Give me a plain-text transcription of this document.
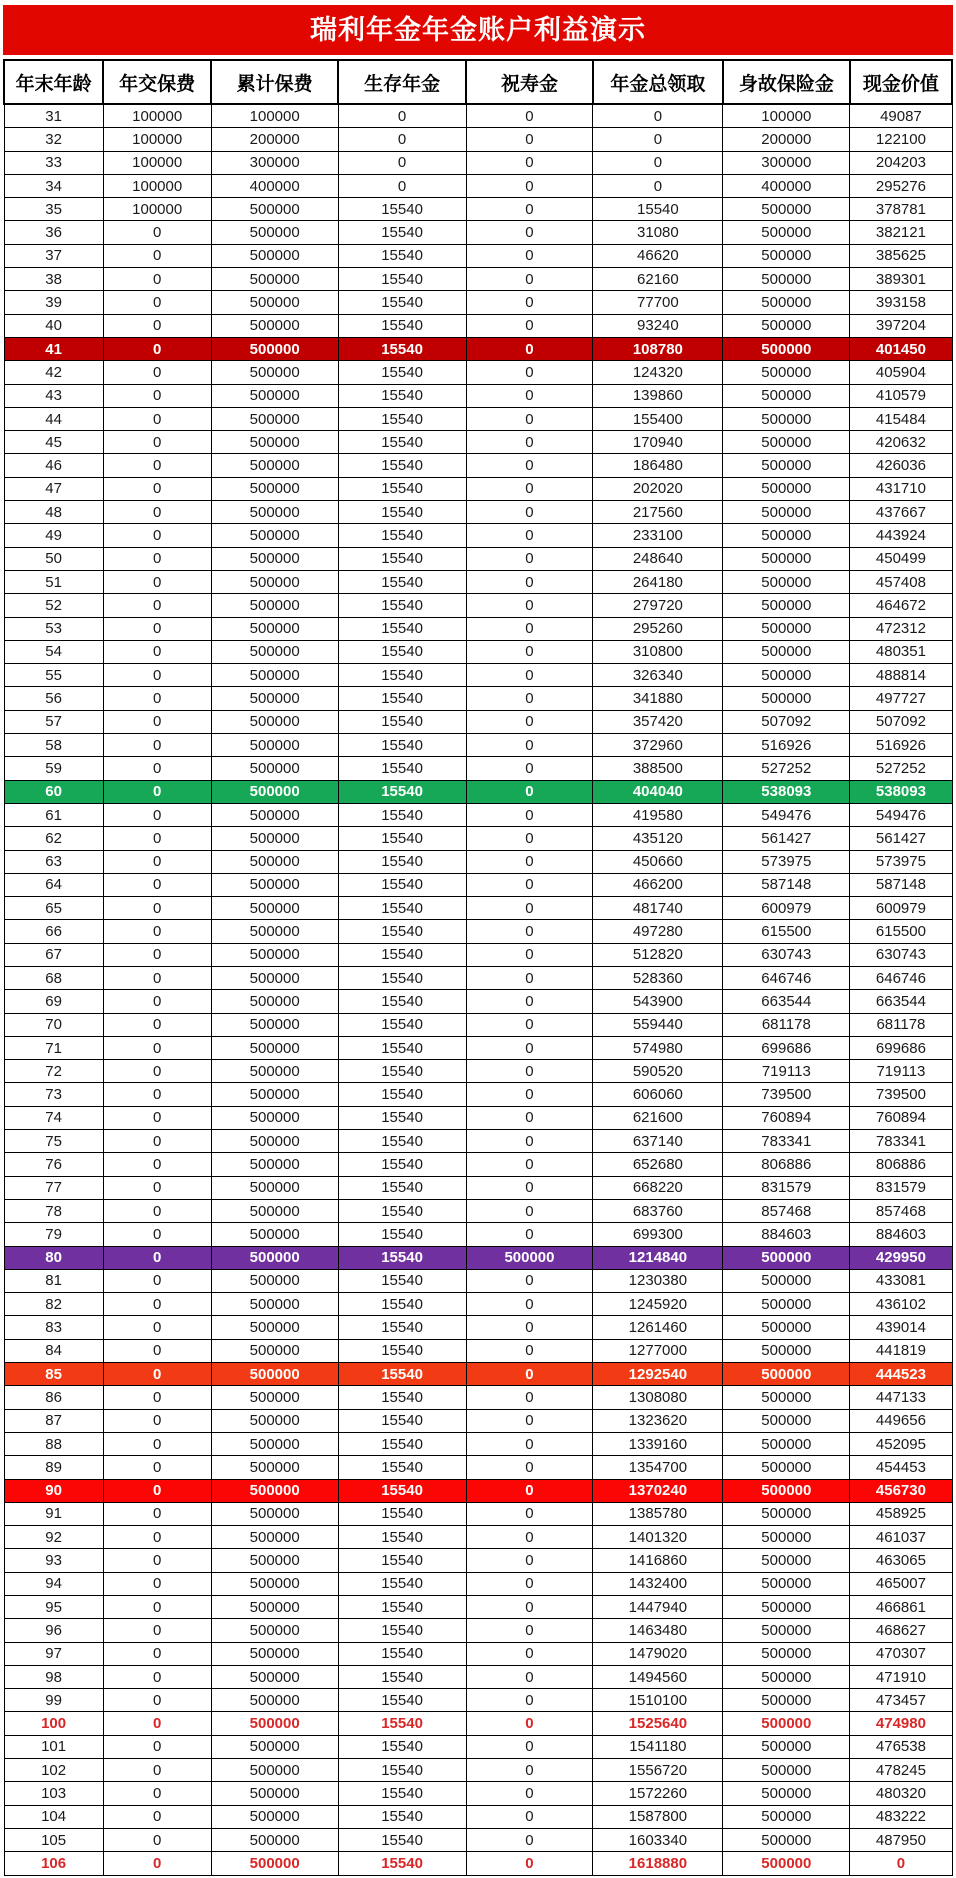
瑞利年金年金账户利益演示
年末年龄	年交保费	累计保费	生存年金	祝寿金	年金总领取	身故保险金	现金价值
31	100000	100000	0	0	0	100000	49087
32	100000	200000	0	0	0	200000	122100
33	100000	300000	0	0	0	300000	204203
34	100000	400000	0	0	0	400000	295276
35	100000	500000	15540	0	15540	500000	378781
36	0	500000	15540	0	31080	500000	382121
37	0	500000	15540	0	46620	500000	385625
38	0	500000	15540	0	62160	500000	389301
39	0	500000	15540	0	77700	500000	393158
40	0	500000	15540	0	93240	500000	397204
41	0	500000	15540	0	108780	500000	401450
42	0	500000	15540	0	124320	500000	405904
43	0	500000	15540	0	139860	500000	410579
44	0	500000	15540	0	155400	500000	415484
45	0	500000	15540	0	170940	500000	420632
46	0	500000	15540	0	186480	500000	426036
47	0	500000	15540	0	202020	500000	431710
48	0	500000	15540	0	217560	500000	437667
49	0	500000	15540	0	233100	500000	443924
50	0	500000	15540	0	248640	500000	450499
51	0	500000	15540	0	264180	500000	457408
52	0	500000	15540	0	279720	500000	464672
53	0	500000	15540	0	295260	500000	472312
54	0	500000	15540	0	310800	500000	480351
55	0	500000	15540	0	326340	500000	488814
56	0	500000	15540	0	341880	500000	497727
57	0	500000	15540	0	357420	507092	507092
58	0	500000	15540	0	372960	516926	516926
59	0	500000	15540	0	388500	527252	527252
60	0	500000	15540	0	404040	538093	538093
61	0	500000	15540	0	419580	549476	549476
62	0	500000	15540	0	435120	561427	561427
63	0	500000	15540	0	450660	573975	573975
64	0	500000	15540	0	466200	587148	587148
65	0	500000	15540	0	481740	600979	600979
66	0	500000	15540	0	497280	615500	615500
67	0	500000	15540	0	512820	630743	630743
68	0	500000	15540	0	528360	646746	646746
69	0	500000	15540	0	543900	663544	663544
70	0	500000	15540	0	559440	681178	681178
71	0	500000	15540	0	574980	699686	699686
72	0	500000	15540	0	590520	719113	719113
73	0	500000	15540	0	606060	739500	739500
74	0	500000	15540	0	621600	760894	760894
75	0	500000	15540	0	637140	783341	783341
76	0	500000	15540	0	652680	806886	806886
77	0	500000	15540	0	668220	831579	831579
78	0	500000	15540	0	683760	857468	857468
79	0	500000	15540	0	699300	884603	884603
80	0	500000	15540	500000	1214840	500000	429950
81	0	500000	15540	0	1230380	500000	433081
82	0	500000	15540	0	1245920	500000	436102
83	0	500000	15540	0	1261460	500000	439014
84	0	500000	15540	0	1277000	500000	441819
85	0	500000	15540	0	1292540	500000	444523
86	0	500000	15540	0	1308080	500000	447133
87	0	500000	15540	0	1323620	500000	449656
88	0	500000	15540	0	1339160	500000	452095
89	0	500000	15540	0	1354700	500000	454453
90	0	500000	15540	0	1370240	500000	456730
91	0	500000	15540	0	1385780	500000	458925
92	0	500000	15540	0	1401320	500000	461037
93	0	500000	15540	0	1416860	500000	463065
94	0	500000	15540	0	1432400	500000	465007
95	0	500000	15540	0	1447940	500000	466861
96	0	500000	15540	0	1463480	500000	468627
97	0	500000	15540	0	1479020	500000	470307
98	0	500000	15540	0	1494560	500000	471910
99	0	500000	15540	0	1510100	500000	473457
100	0	500000	15540	0	1525640	500000	474980
101	0	500000	15540	0	1541180	500000	476538
102	0	500000	15540	0	1556720	500000	478245
103	0	500000	15540	0	1572260	500000	480320
104	0	500000	15540	0	1587800	500000	483222
105	0	500000	15540	0	1603340	500000	487950
106	0	500000	15540	0	1618880	500000	0
